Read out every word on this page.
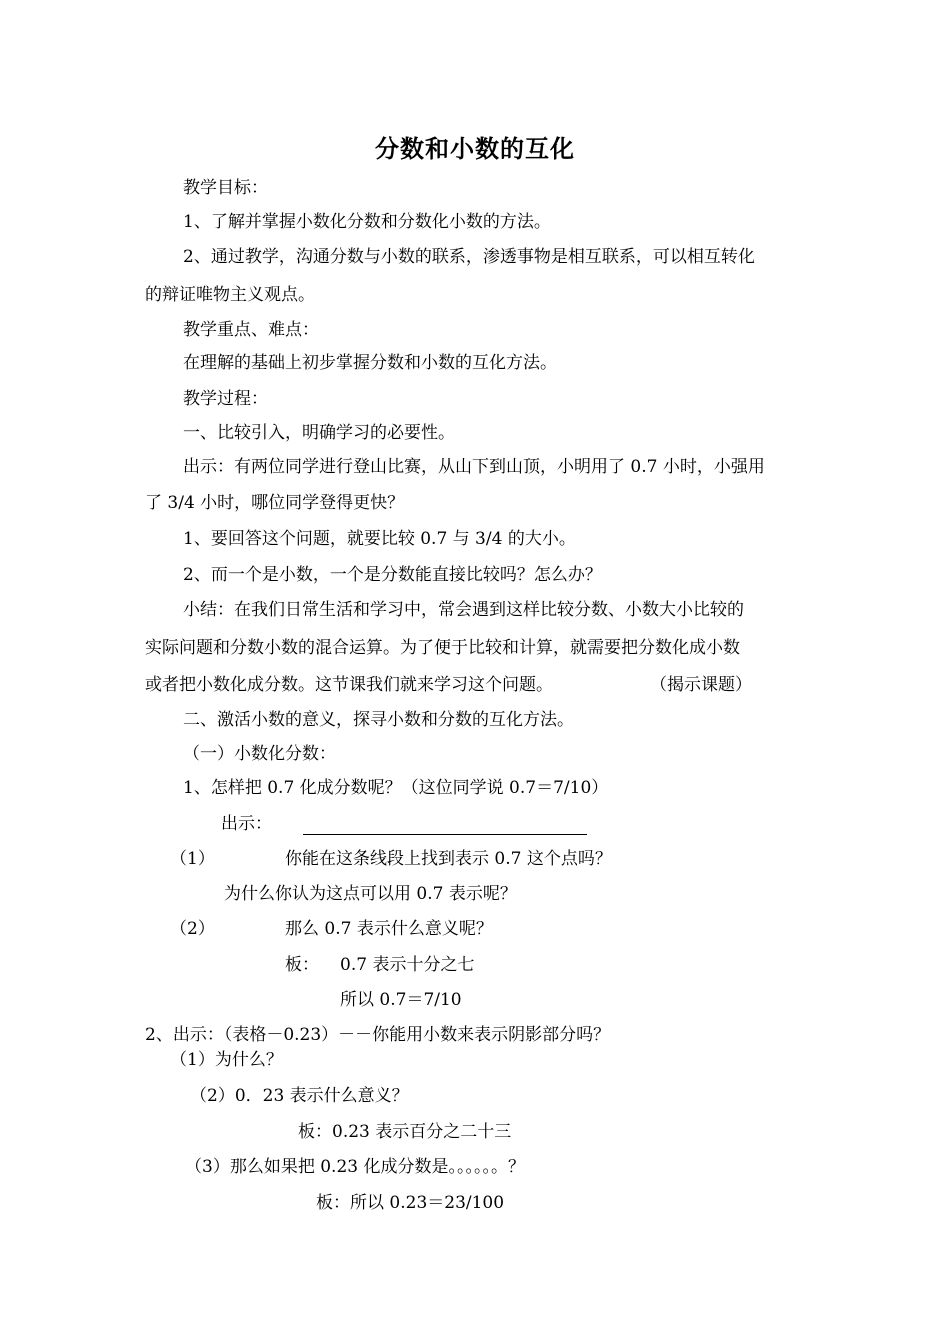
分数和小数的互化
教学目标：
1、了解并掌握小数化分数和分数化小数的方法。
2、通过教学，沟通分数与小数的联系，渗透事物是相互联系，可以相互转化
的辩证唯物主义观点。
教学重点、难点：
在理解的基础上初步掌握分数和小数的互化方法。
教学过程：
一、比较引入，明确学习的必要性。
出示：有两位同学进行登山比赛，从山下到山顶，小明用了 0.7 小时，小强用
了 3/4 小时，哪位同学登得更快？
1、要回答这个问题，就要比较 0.7 与 3/4 的大小。
2、而一个是小数，一个是分数能直接比较吗？怎么办？
小结：在我们日常生活和学习中，常会遇到这样比较分数、小数大小比较的
实际问题和分数小数的混合运算。为了便于比较和计算，就需要把分数化成小数
或者把小数化成分数。这节课我们就来学习这个问题。	（揭示课题）
二、激活小数的意义，探寻小数和分数的互化方法。
（一）小数化分数：
1、怎样把 0.7 化成分数呢？（这位同学说 0.7＝7/10）
出示：
（1）	你能在这条线段上找到表示 0.7 这个点吗？
为什么你认为这点可以用 0.7 表示呢？
（2）	那么 0.7 表示什么意义呢？
板： 0.7 表示十分之七
所以 0.7＝7/10
2、出示：（表格－0.23）－－你能用小数来表示阴影部分吗？
（1）为什么？
（2）0．23 表示什么意义？
板：0.23 表示百分之二十三
（3）那么如果把 0.23 化成分数是。。。。。。？
板：所以 0.23＝23/100
